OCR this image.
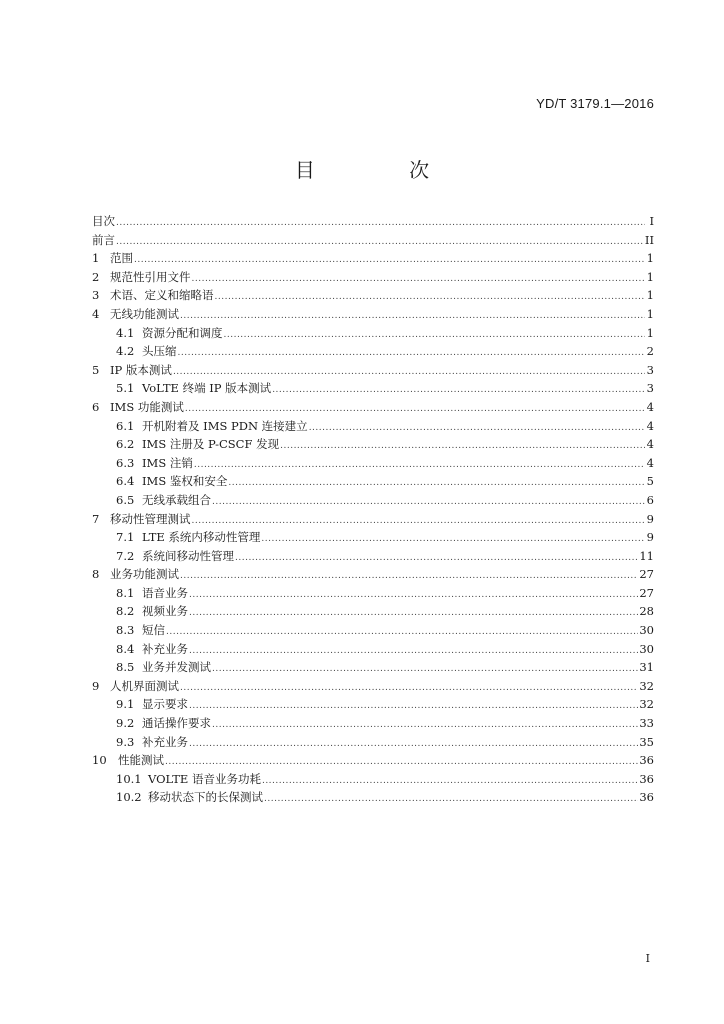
YD/T 3179.1—2016
目 次
目次 .....	I
前言 .....	II
1 范围 .....	1
2 规范性引用文件 .....	1
3 术语、定义和缩略语 .....	1
4 无线功能测试 .....	1
4.1 资源分配和调度 .....	1
4.2 头压缩 .....	2
5 IP 版本测试 .....	3
5.1 VoLTE 终端 IP 版本测试 .....	3
6 IMS 功能测试 .....	4
6.1 开机附着及 IMS PDN 连接建立 .....	4
6.2 IMS 注册及 P-CSCF 发现 .....	4
6.3 IMS 注销 .....	4
6.4 IMS 鉴权和安全 .....	5
6.5 无线承载组合 .....	6
7 移动性管理测试 .....	9
7.1 LTE 系统内移动性管理 .....	9
7.2 系统间移动性管理 .....	11
8 业务功能测试 .....	27
8.1 语音业务 .....	27
8.2 视频业务 .....	28
8.3 短信 .....	30
8.4 补充业务 .....	30
8.5 业务并发测试 .....	31
9 人机界面测试 .....	32
9.1 显示要求 .....	32
9.2 通话操作要求 .....	33
9.3 补充业务 .....	35
10 性能测试 .....	36
10.1 VOLTE 语音业务功耗 .....	36
10.2 移动状态下的长保测试 .....	36
I
